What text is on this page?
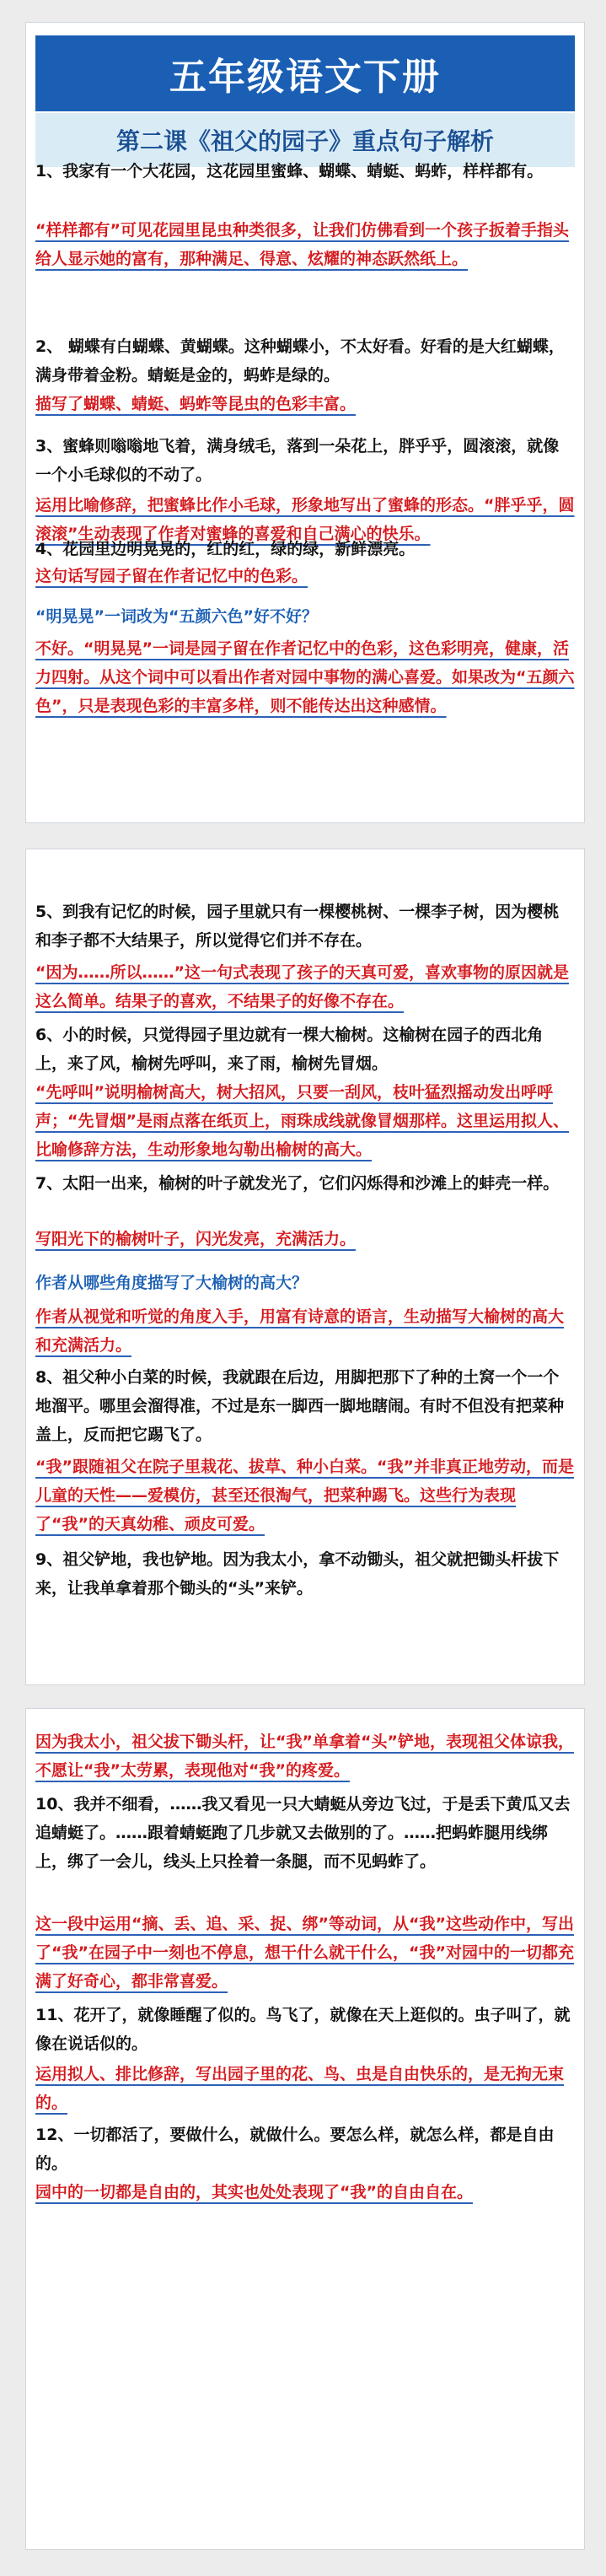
五年级语文下册
第二课《祖父的园子》重点句子解析

1、我家有一个大花园，这花园里蜜蜂、蝴蝶、蜻蜓、蚂蚱，样样都有。

“样样都有”可见花园里昆虫种类很多，让我们仿佛看到一个孩子扳着手指头给人显示她的富有，那种满足、得意、炫耀的神态跃然纸上。

2、 蝴蝶有白蝴蝶、黄蝴蝶。这种蝴蝶小，不太好看。好看的是大红蝴蝶，满身带着金粉。蜻蜓是金的，蚂蚱是绿的。

描写了蝴蝶、蜻蜓、蚂蚱等昆虫的色彩丰富。

3、蜜蜂则嗡嗡地飞着，满身绒毛，落到一朵花上，胖乎乎，圆滚滚，就像一个小毛球似的不动了。

运用比喻修辞，把蜜蜂比作小毛球，形象地写出了蜜蜂的形态。“胖乎乎，圆滚滚”生动表现了作者对蜜蜂的喜爱和自己满心的快乐。

4、花园里边明晃晃的，红的红，绿的绿，新鲜漂亮。

这句话写园子留在作者记忆中的色彩。

“明晃晃”一词改为“五颜六色”好不好？

不好。“明晃晃”一词是园子留在作者记忆中的色彩，这色彩明亮，健康，活力四射。从这个词中可以看出作者对园中事物的满心喜爱。如果改为“五颜六色”，只是表现色彩的丰富多样，则不能传达出这种感情。

5、到我有记忆的时候，园子里就只有一棵樱桃树、一棵李子树，因为樱桃和李子都不大结果子，所以觉得它们并不存在。

“因为……所以……”这一句式表现了孩子的天真可爱，喜欢事物的原因就是这么简单。结果子的喜欢，不结果子的好像不存在。

6、小的时候，只觉得园子里边就有一棵大榆树。这榆树在园子的西北角上，来了风，榆树先呼叫，来了雨，榆树先冒烟。

“先呼叫”说明榆树高大，树大招风，只要一刮风，枝叶猛烈摇动发出呼呼声；“先冒烟”是雨点落在纸页上，雨珠成线就像冒烟那样。这里运用拟人、比喻修辞方法，生动形象地勾勒出榆树的高大。

7、太阳一出来，榆树的叶子就发光了，它们闪烁得和沙滩上的蚌壳一样。

写阳光下的榆树叶子，闪光发亮，充满活力。

作者从哪些角度描写了大榆树的高大？

作者从视觉和听觉的角度入手，用富有诗意的语言，生动描写大榆树的高大和充满活力。

8、祖父种小白菜的时候，我就跟在后边，用脚把那下了种的土窝一个一个地溜平。哪里会溜得准，不过是东一脚西一脚地瞎闹。有时不但没有把菜种盖上，反而把它踢飞了。

“我”跟随祖父在院子里栽花、拔草、种小白菜。“我”并非真正地劳动，而是儿童的天性——爱模仿，甚至还很淘气，把菜种踢飞。这些行为表现了“我”的天真幼稚、顽皮可爱。

9、祖父铲地，我也铲地。因为我太小，拿不动锄头，祖父就把锄头杆拔下来，让我单拿着那个锄头的“头”来铲。

因为我太小，祖父拔下锄头杆，让“我”单拿着“头”铲地，表现祖父体谅我，不愿让“我”太劳累，表现他对“我”的疼爱。

10、我并不细看，……我又看见一只大蜻蜓从旁边飞过，于是丢下黄瓜又去追蜻蜓了。……跟着蜻蜓跑了几步就又去做别的了。……把蚂蚱腿用线绑上，绑了一会儿，线头上只拴着一条腿，而不见蚂蚱了。

这一段中运用“摘、丢、追、采、捉、绑”等动词，从“我”这些动作中，写出了“我”在园子中一刻也不停息，想干什么就干什么，“我”对园中的一切都充满了好奇心，都非常喜爱。

11、花开了，就像睡醒了似的。鸟飞了，就像在天上逛似的。虫子叫了，就像在说话似的。

运用拟人、排比修辞，写出园子里的花、鸟、虫是自由快乐的，是无拘无束的。

12、一切都活了，要做什么，就做什么。要怎么样，就怎么样，都是自由的。

园中的一切都是自由的，其实也处处表现了“我”的自由自在。
